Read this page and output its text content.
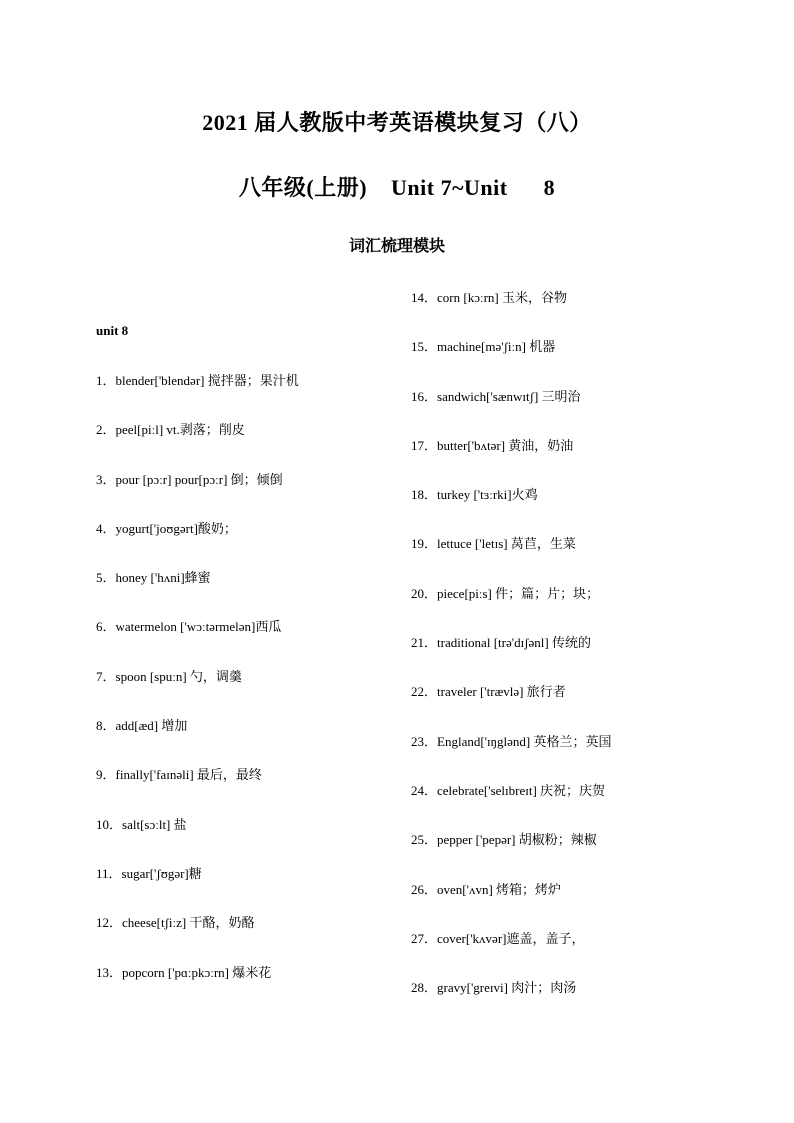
2021 届人教版中考英语模块复习（八）
八年级(上册)    Unit 7~Unit      8
词汇梳理模块
unit 8
1．blender['blendər] 搅拌器；果汁机
2．peel[piːl] vt.剥落；削皮
3．pour [pɔːr] pour[pɔːr] 倒；倾倒
4．yogurt['joʊgərt]酸奶；
5．honey ['hʌni]蜂蜜
6．watermelon ['wɔːtərmelən]西瓜
7．spoon [spuːn] 勺，调羹
8．add[æd] 增加
9．finally['faɪnəli] 最后，最终
10．salt[sɔːlt] 盐
11．sugar['ʃʊgər]糖
12．cheese[tʃiːz] 干酪，奶酪
13．popcorn ['pɑːpkɔːrn] 爆米花
14．corn [kɔːrn] 玉米，谷物
15．machine[mə'ʃiːn] 机器
16．sandwich['sænwɪtʃ] 三明治
17．butter['bʌtər] 黄油，奶油
18．turkey ['tɜːrki]火鸡
19．lettuce ['letɪs] 莴苣，生菜
20．piece[piːs] 件；篇；片；块；
21．traditional [trə'dɪʃənl] 传统的
22．traveler ['trævlə] 旅行者
23．England['ɪŋglənd] 英格兰；英国
24．celebrate['selɪbreɪt] 庆祝；庆贺
25．pepper ['pepər] 胡椒粉；辣椒
26．oven['ʌvn] 烤箱；烤炉
27．cover['kʌvər]遮盖，盖子，
28．gravy['greɪvi] 肉汁；肉汤
